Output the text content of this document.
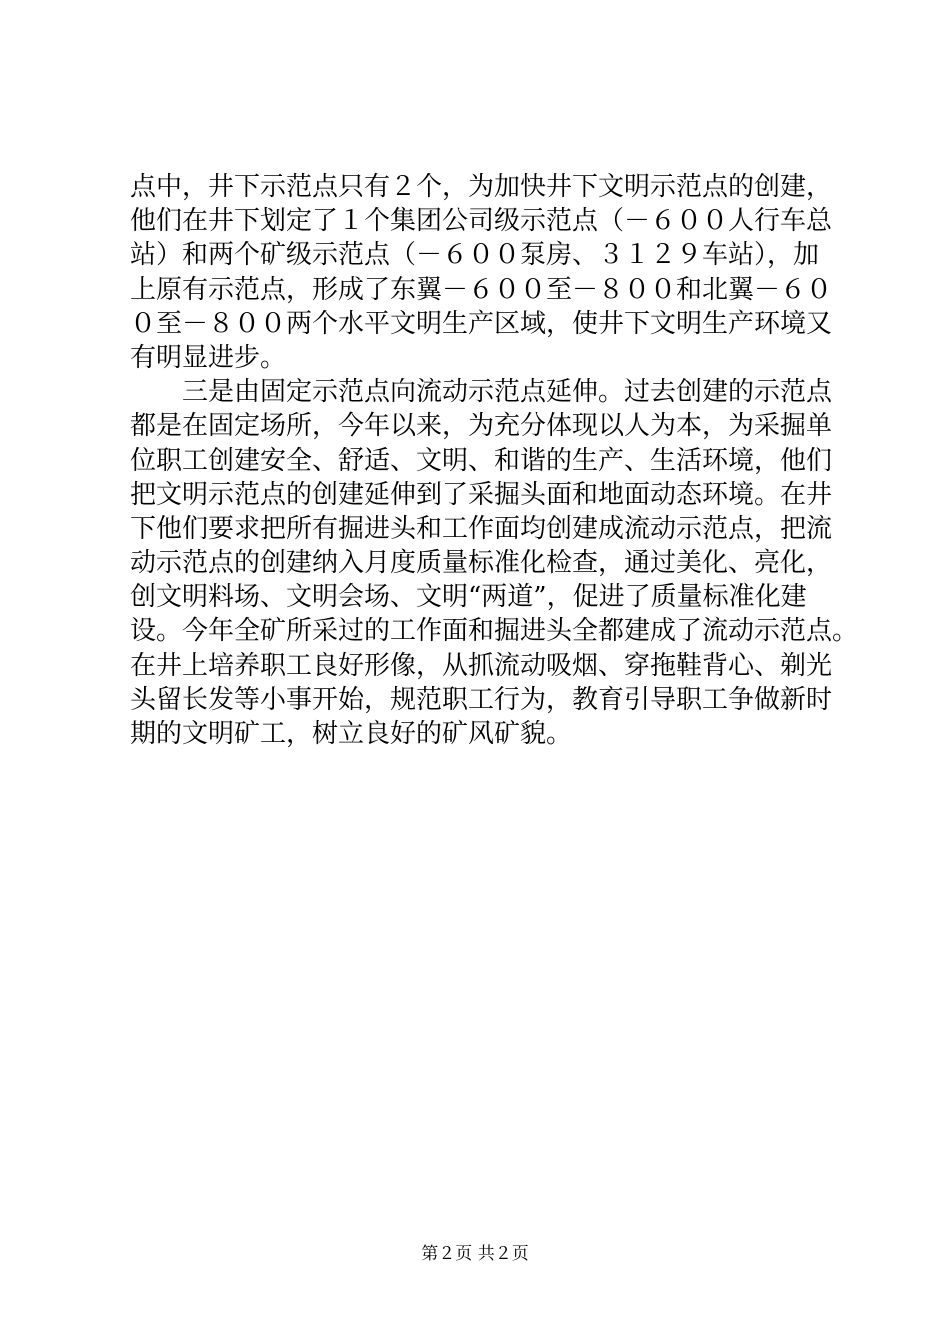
点中，井下示范点只有２个，为加快井下文明示范点的创建，
他们在井下划定了１个集团公司级示范点（－６００人行车总
站）和两个矿级示范点（－６００泵房、３１２９车站），加
上原有示范点，形成了东翼－６００至－８００和北翼－６０
０至－８００两个水平文明生产区域，使井下文明生产环境又
有明显进步。
　　三是由固定示范点向流动示范点延伸。过去创建的示范点
都是在固定场所，今年以来，为充分体现以人为本，为采掘单
位职工创建安全、舒适、文明、和谐的生产、生活环境，他们
把文明示范点的创建延伸到了采掘头面和地面动态环境。在井
下他们要求把所有掘进头和工作面均创建成流动示范点，把流
动示范点的创建纳入月度质量标准化检查，通过美化、亮化，
创文明料场、文明会场、文明“两道”，促进了质量标准化建
设。今年全矿所采过的工作面和掘进头全都建成了流动示范点。
在井上培养职工良好形像，从抓流动吸烟、穿拖鞋背心、剃光
头留长发等小事开始，规范职工行为，教育引导职工争做新时
期的文明矿工，树立良好的矿风矿貌。
第２页 共２页
